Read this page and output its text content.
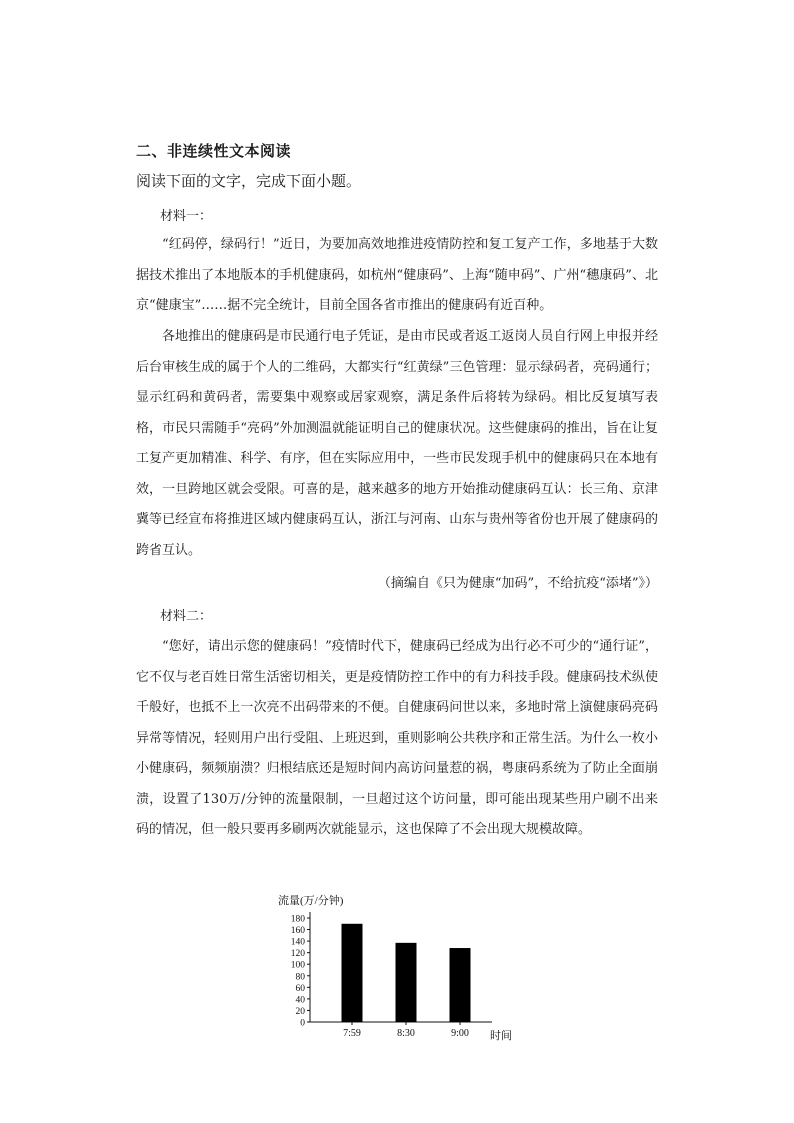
二、非连续性文本阅读
阅读下面的文字，完成下面小题。
材料一：

“红码停，绿码行！”近日，为要加高效地推进疫情防控和复工复产工作，多地基于大数据技术推出了本地版本的手机健康码，如杭州“健康码”、上海“随申码”、广州“穗康码”、北京“健康宝”……据不完全统计，目前全国各省市推出的健康码有近百种。

各地推出的健康码是市民通行电子凭证，是由市民或者返工返岗人员自行网上申报并经后台审核生成的属于个人的二维码，大都实行“红黄绿”三色管理：显示绿码者，亮码通行；显示红码和黄码者，需要集中观察或居家观察，满足条件后将转为绿码。相比反复填写表格，市民只需随手“亮码”外加测温就能证明自己的健康状况。这些健康码的推出，旨在让复工复产更加精准、科学、有序，但在实际应用中，一些市民发现手机中的健康码只在本地有效，一旦跨地区就会受限。可喜的是，越来越多的地方开始推动健康码互认：长三角、京津冀等已经宣布将推进区域内健康码互认，浙江与河南、山东与贵州等省份也开展了健康码的跨省互认。

（摘编自《只为健康“加码”，不给抗疫“添堵”》）
材料二：

“您好，请出示您的健康码！”疫情时代下，健康码已经成为出行必不可少的“通行证”，它不仅与老百姓日常生活密切相关，更是疫情防控工作中的有力科技手段。健康码技术纵使千般好，也抵不上一次亮不出码带来的不便。自健康码问世以来，多地时常上演健康码亮码异常等情况，轻则用户出行受阻、上班迟到，重则影响公共秩序和正常生活。为什么一枚小小健康码，频频崩溃？归根结底还是短时间内高访问量惹的祸，粤康码系统为了防止全面崩溃，设置了130万/分钟的流量限制，一旦超过这个访问量，即可能出现某些用户刷不出来码的情况，但一般只要再多刷两次就能显示，这也保障了不会出现大规模故障。

流量(万/分钟)
0
20
40
60
80
100
120
140
160
180
7:59	8:30	9:00 时间
